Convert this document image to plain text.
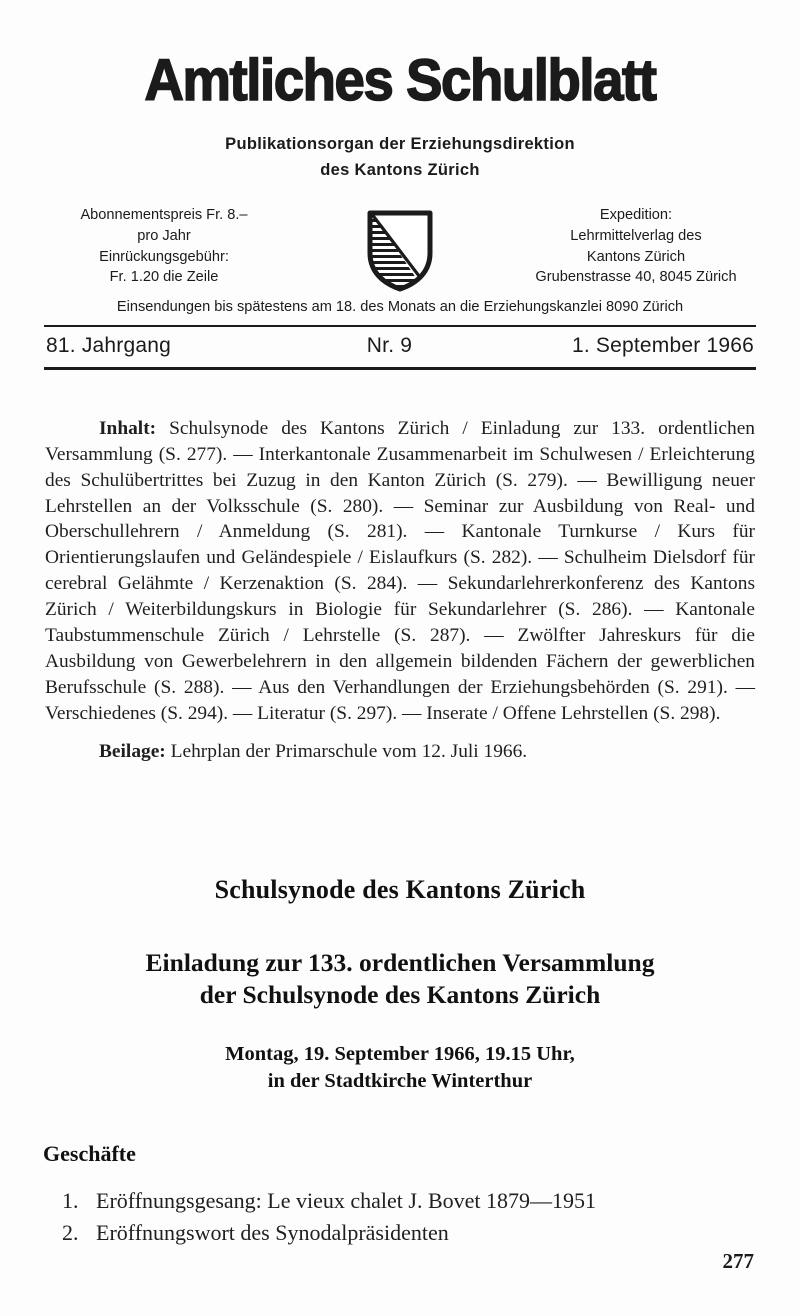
Amtliches Schulblatt
Publikationsorgan der Erziehungsdirektion
des Kantons Zürich
Abonnementspreis Fr. 8.–
pro Jahr
Einrückungsgebühr:
Fr. 1.20 die Zeile
Expedition:
Lehrmittelverlag des
Kantons Zürich
Grubenstrasse 40, 8045 Zürich
Einsendungen bis spätestens am 18. des Monats an die Erziehungskanzlei 8090 Zürich
81. Jahrgang	Nr. 9	1. September 1966

Inhalt: Schulsynode des Kantons Zürich / Einladung zur 133. ordentlichen Versammlung (S. 277). — Interkantonale Zusammenarbeit im Schulwesen / Erleichterung des Schulübertrittes bei Zuzug in den Kanton Zürich (S. 279). — Bewilligung neuer Lehrstellen an der Volksschule (S. 280). — Seminar zur Ausbildung von Real- und Oberschullehrern / Anmeldung (S. 281). — Kantonale Turnkurse / Kurs für Orientierungslaufen und Geländespiele / Eislaufkurs (S. 282). — Schulheim Dielsdorf für cerebral Gelähmte / Kerzenaktion (S. 284). — Sekundarlehrerkonferenz des Kantons Zürich / Weiterbildungskurs in Biologie für Sekundarlehrer (S. 286). — Kantonale Taubstummenschule Zürich / Lehrstelle (S. 287). — Zwölfter Jahreskurs für die Ausbildung von Gewerbelehrern in den allgemein bildenden Fächern der gewerblichen Berufsschule (S. 288). — Aus den Verhandlungen der Erziehungsbehörden (S. 291). — Verschiedenes (S. 294). — Literatur (S. 297). — Inserate / Offene Lehrstellen (S. 298).

Beilage: Lehrplan der Primarschule vom 12. Juli 1966.

Schulsynode des Kantons Zürich
Einladung zur 133. ordentlichen Versammlung
der Schulsynode des Kantons Zürich
Montag, 19. September 1966, 19.15 Uhr,
in der Stadtkirche Winterthur
Geschäfte
1. Eröffnungsgesang: Le vieux chalet J. Bovet 1879—1951
2. Eröffnungswort des Synodalpräsidenten
277
